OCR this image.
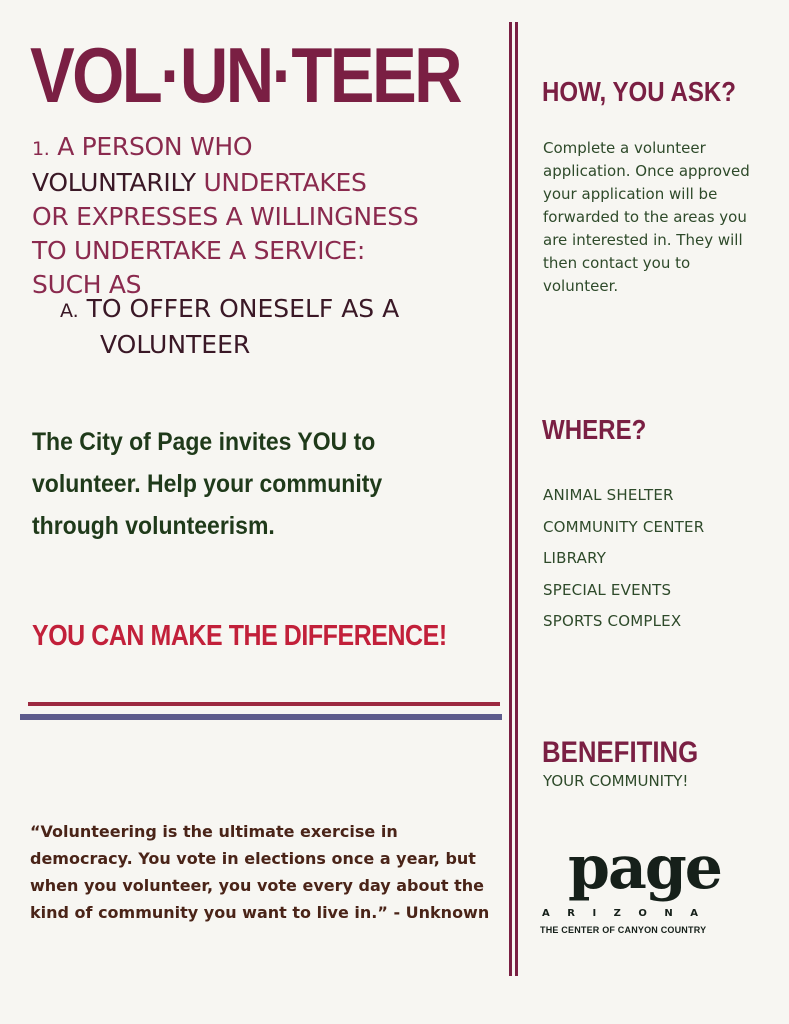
VOL·UN·TEER
1. A PERSON WHO
VOLUNTARILY UNDERTAKES
OR EXPRESSES A WILLINGNESS
TO UNDERTAKE A SERVICE:
SUCH AS
A. TO OFFER ONESELF AS A
VOLUNTEER
The City of Page invites YOU to volunteer. Help your community through volunteerism.
YOU CAN MAKE THE DIFFERENCE!
“Volunteering is the ultimate exercise in democracy. You vote in elections once a year, but when you volunteer, you vote every day about the kind of community you want to live in.” - Unknown
HOW, YOU ASK?
Complete a volunteer application. Once approved your application will be forwarded to the areas you are interested in. They will then contact you to volunteer.
WHERE?
ANIMAL SHELTER
COMMUNITY CENTER
LIBRARY
SPECIAL EVENTS
SPORTS COMPLEX
BENEFITING
YOUR COMMUNITY!
page
ARIZONA
THE CENTER OF CANYON COUNTRY
